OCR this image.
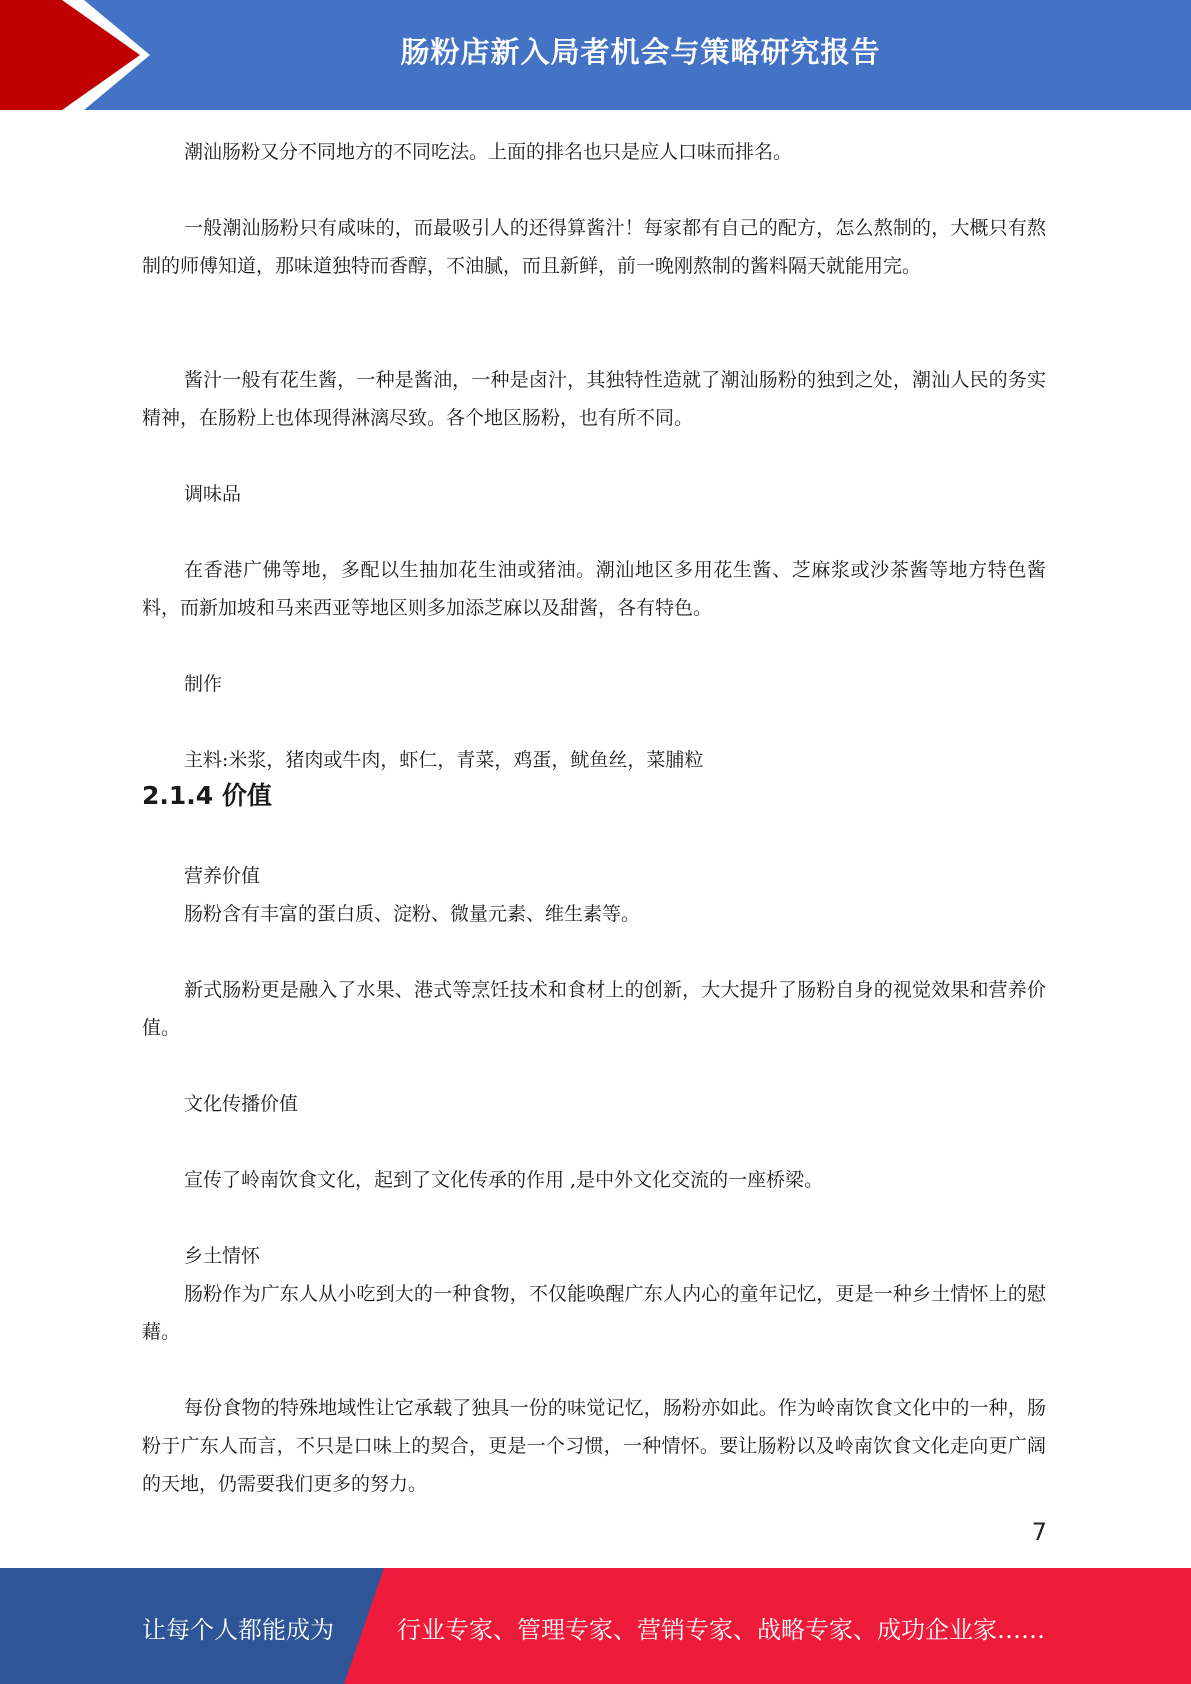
肠粉店新入局者机会与策略研究报告

潮汕肠粉又分不同地方的不同吃法。上面的排名也只是应人口味而排名。

一般潮汕肠粉只有咸味的，而最吸引人的还得算酱汁！每家都有自己的配方，怎么熬制的，大概只有熬制的师傅知道，那味道独特而香醇，不油腻，而且新鲜，前一晚刚熬制的酱料隔天就能用完。

酱汁一般有花生酱，一种是酱油，一种是卤汁，其独特性造就了潮汕肠粉的独到之处，潮汕人民的务实精神，在肠粉上也体现得淋漓尽致。各个地区肠粉，也有所不同。

调味品

在香港广佛等地，多配以生抽加花生油或猪油。潮汕地区多用花生酱、芝麻浆或沙茶酱等地方特色酱料，而新加坡和马来西亚等地区则多加添芝麻以及甜酱，各有特色。

制作

主料:米浆，猪肉或牛肉，虾仁，青菜，鸡蛋，鱿鱼丝，菜脯粒

2.1.4 价值

营养价值

肠粉含有丰富的蛋白质、淀粉、微量元素、维生素等。

新式肠粉更是融入了水果、港式等烹饪技术和食材上的创新，大大提升了肠粉自身的视觉效果和营养价值。

文化传播价值

宣传了岭南饮食文化，起到了文化传承的作用 ,是中外文化交流的一座桥梁。

乡土情怀

肠粉作为广东人从小吃到大的一种食物，不仅能唤醒广东人内心的童年记忆，更是一种乡土情怀上的慰藉。

每份食物的特殊地域性让它承载了独具一份的味觉记忆，肠粉亦如此。作为岭南饮食文化中的一种，肠粉于广东人而言，不只是口味上的契合，更是一个习惯，一种情怀。要让肠粉以及岭南饮食文化走向更广阔的天地，仍需要我们更多的努力。

7
让每个人都能成为	行业专家、管理专家、营销专家、战略专家、成功企业家……
